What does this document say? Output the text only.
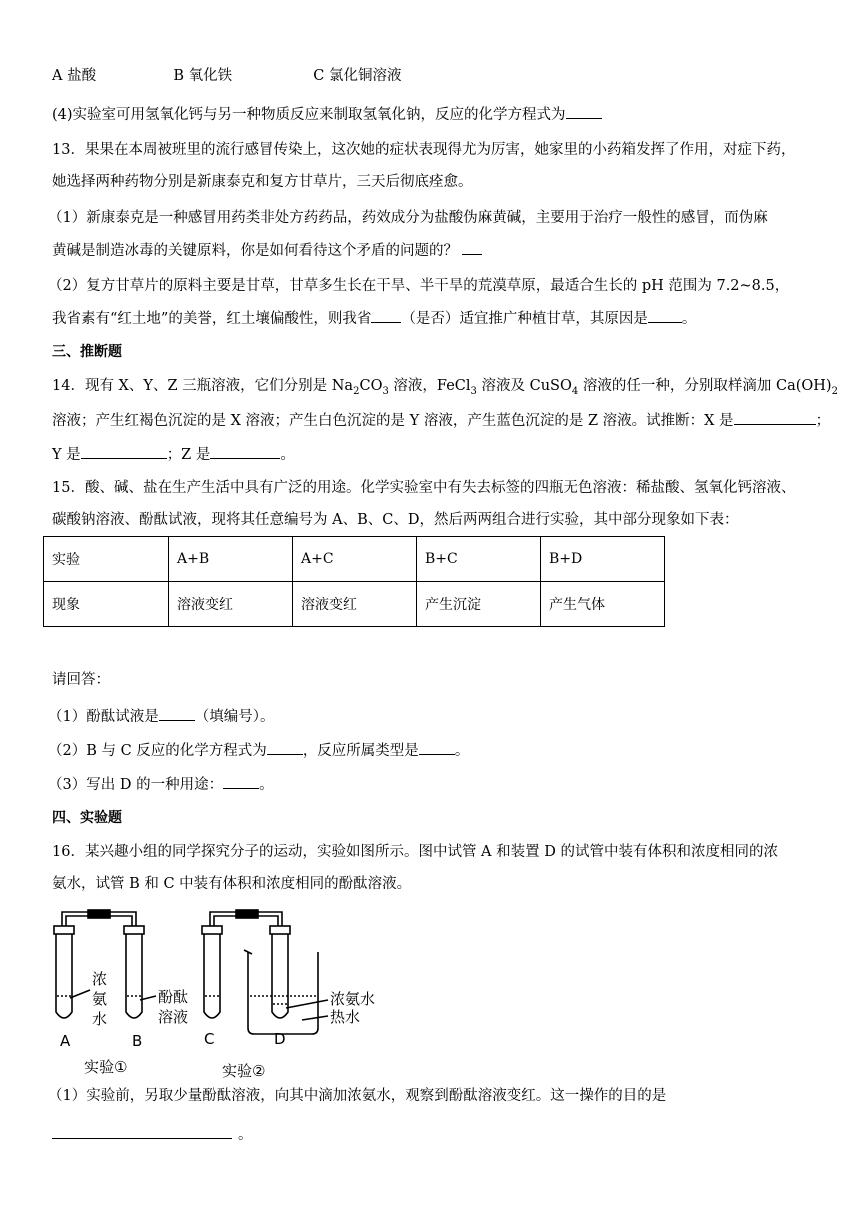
A 盐酸	B 氧化铁	C 氯化铜溶液
(4)实验室可用氢氧化钙与另一种物质反应来制取氢氧化钠，反应的化学方程式为
13．果果在本周被班里的流行感冒传染上，这次她的症状表现得尤为厉害，她家里的小药箱发挥了作用，对症下药，
她选择两种药物分别是新康泰克和复方甘草片，三天后彻底痊愈。
（1）新康泰克是一种感冒用药类非处方药药品，药效成分为盐酸伪麻黄碱，主要用于治疗一般性的感冒，而伪麻
黄碱是制造冰毒的关键原料，你是如何看待这个矛盾的问题的？
（2）复方甘草片的原料主要是甘草，甘草多生长在干旱、半干旱的荒漠草原，最适合生长的 pH 范围为 7.2~8.5，
我省素有“红土地”的美誉，红土壤偏酸性，则我省 （是否）适宜推广种植甘草，其原因是 。
三、推断题
14．现有 X、Y、Z 三瓶溶液，它们分别是 $Na_2CO_3$ 溶液，FeCl$_3$ 溶液及 CuSO$_4$ 溶液的任一种，分别取样滴加 $Ca(OH)_2$
溶液；产生红褐色沉淀的是 X 溶液；产生白色沉淀的是 Y 溶液，产生蓝色沉淀的是 Z 溶液。试推断：X 是	；
Y 是	；Z 是	。
15．酸、碱、盐在生产生活中具有广泛的用途。化学实验室中有失去标签的四瓶无色溶液：稀盐酸、氢氧化钙溶液、
碳酸钠溶液、酚酞试液，现将其任意编号为 A、B、C、D，然后两两组合进行实验，其中部分现象如下表：
实验	A+B	A+C	B+C	B+D
现象	溶液变红	溶液变红	产生沉淀	产生气体
请回答：
（1）酚酞试液是 （填编号）。
（2）B 与 C 反应的化学方程式为 ，反应所属类型是 。
（3）写出 D 的一种用途： 。
四、实验题
16．某兴趣小组的同学探究分子的运动，实验如图所示。图中试管 A 和装置 D 的试管中装有体积和浓度相同的浓
氨水，试管 B 和 C 中装有体积和浓度相同的酚酞溶液。
浓
氨
水
酚酞
溶液
浓氨水
热水
A	B	C	D
实验①	实验②
（1）实验前，另取少量酚酞溶液，向其中滴加浓氨水，观察到酚酞溶液变红。这一操作的目的是
。
